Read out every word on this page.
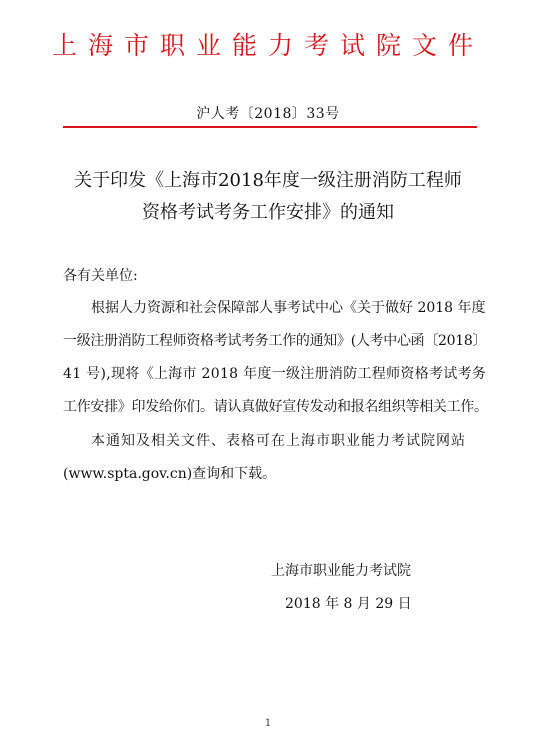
上海市职业能力考试院文件
沪人考〔2018〕33号
关于印发《上海市2018年度一级注册消防工程师
资格考试考务工作安排》的通知
各有关单位:
根据人力资源和社会保障部人事考试中心《关于做好 2018 年度
一级注册消防工程师资格考试考务工作的通知》(人考中心函〔2018〕
41 号),现将《上海市 2018 年度一级注册消防工程师资格考试考务
工作安排》印发给你们。请认真做好宣传发动和报名组织等相关工作。
本通知及相关文件、表格可在上海市职业能力考试院网站
(www.spta.gov.cn)查询和下载。
上海市职业能力考试院
2018 年 8 月 29 日
1
